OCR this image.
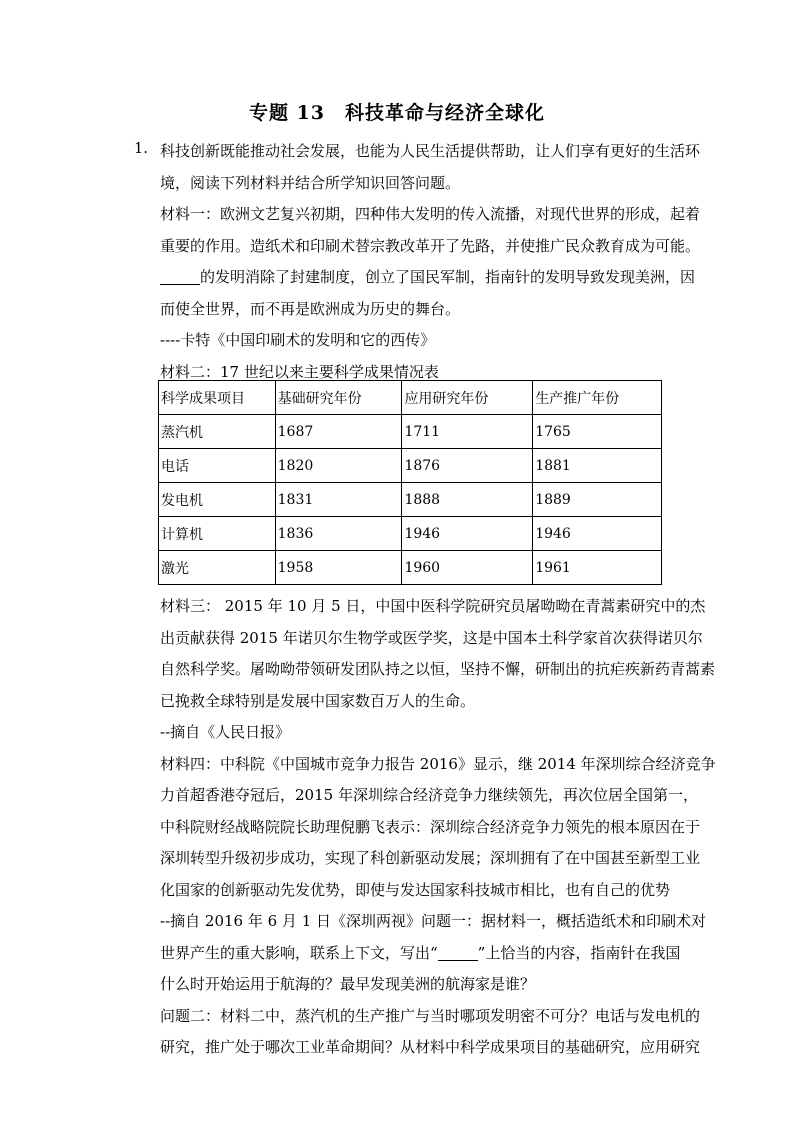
专题 13　科技革命与经济全球化
1. 科技创新既能推动社会发展，也能为人民生活提供帮助，让人们享有更好的生活环
境，阅读下列材料并结合所学知识回答问题。
材料一：欧洲文艺复兴初期，四种伟大发明的传入流播，对现代世界的形成，起着
重要的作用。造纸术和印刷术替宗教改革开了先路，并使推广民众教育成为可能。
的发明消除了封建制度，创立了国民军制，指南针的发明导致发现美洲，因
而使全世界，而不再是欧洲成为历史的舞台。
----卡特《中国印刷术的发明和它的西传》
材料二：17 世纪以来主要科学成果情况表
科学成果项目	基础研究年份	应用研究年份	生产推广年份
蒸汽机	1687	1711	1765
电话	1820	1876	1881
发电机	1831	1888	1889
计算机	1836	1946	1946
激光	1958	1960	1961
材料三： 2015 年 10 月 5 日，中国中医科学院研究员屠呦呦在青蒿素研究中的杰
出贡献获得 2015 年诺贝尔生物学或医学奖，这是中国本土科学家首次获得诺贝尔
自然科学奖。屠呦呦带领研发团队持之以恒，坚持不懈，研制出的抗疟疾新药青蒿素
已挽救全球特别是发展中国家数百万人的生命。
--摘自《人民日报》
材料四：中科院《中国城市竞争力报告 2016》显示，继 2014 年深圳综合经济竞争
力首超香港夺冠后，2015 年深圳综合经济竞争力继续领先，再次位居全国第一，
中科院财经战略院院长助理倪鹏飞表示：深圳综合经济竞争力领先的根本原因在于
深圳转型升级初步成功，实现了科创新驱动发展；深圳拥有了在中国甚至新型工业
化国家的创新驱动先发优势，即使与发达国家科技城市相比，也有自己的优势
--摘自 2016 年 6 月 1 日《深圳两视》问题一：据材料一，概括造纸术和印刷术对
世界产生的重大影响，联系上下文，写出“	”上恰当的内容，指南针在我国
什么时开始运用于航海的？最早发现美洲的航海家是谁？
问题二：材料二中，蒸汽机的生产推广与当时哪项发明密不可分？电话与发电机的
研究，推广处于哪次工业革命期间？从材料中科学成果项目的基础研究，应用研究
